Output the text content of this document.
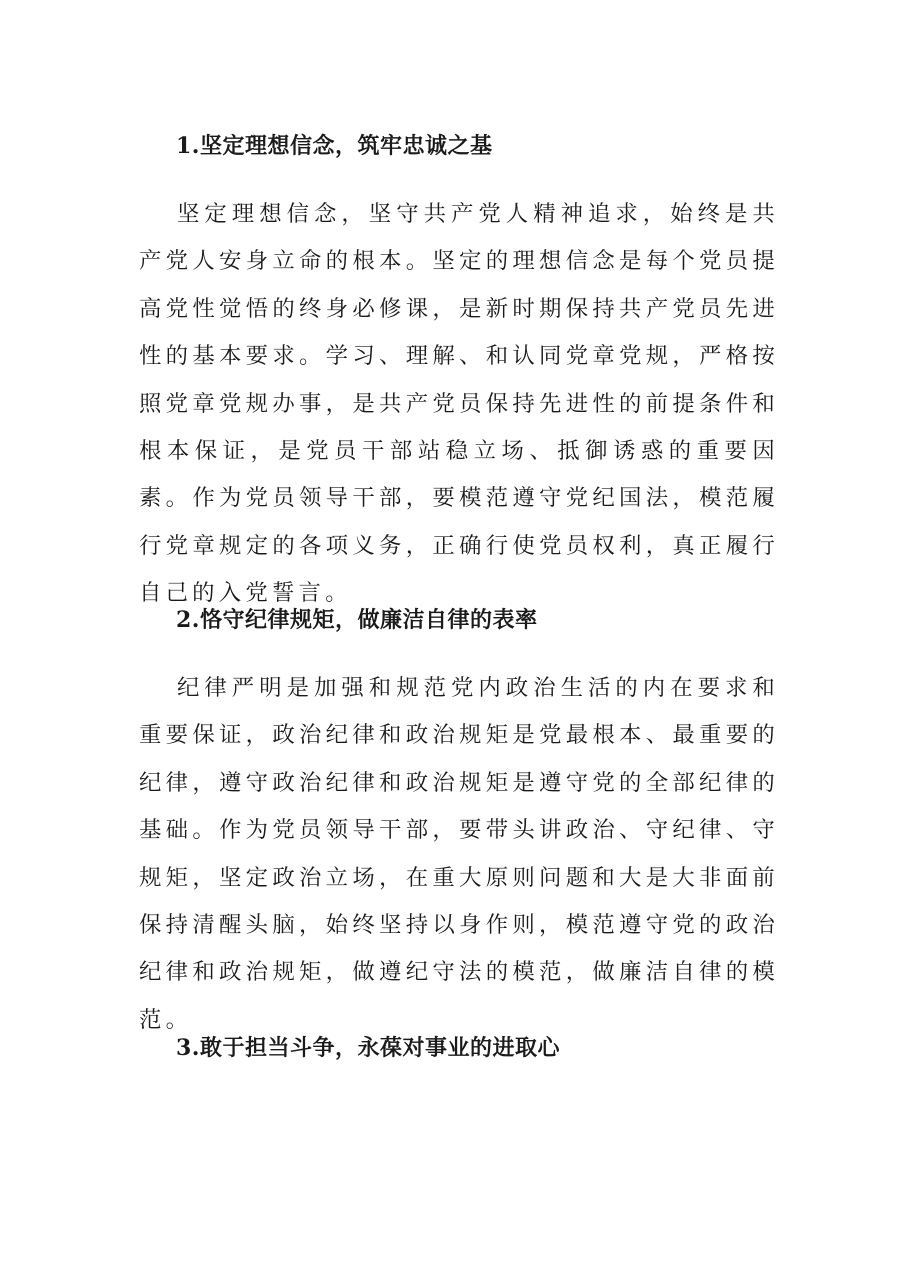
1.坚定理想信念，筑牢忠诚之基

坚定理想信念，坚守共产党人精神追求，始终是共产党人安身立命的根本。坚定的理想信念是每个党员提高党性觉悟的终身必修课，是新时期保持共产党员先进性的基本要求。学习、理解、和认同党章党规，严格按照党章党规办事，是共产党员保持先进性的前提条件和根本保证，是党员干部站稳立场、抵御诱惑的重要因素。作为党员领导干部，要模范遵守党纪国法，模范履行党章规定的各项义务，正确行使党员权利，真正履行自己的入党誓言。

2.恪守纪律规矩，做廉洁自律的表率

纪律严明是加强和规范党内政治生活的内在要求和重要保证，政治纪律和政治规矩是党最根本、最重要的纪律，遵守政治纪律和政治规矩是遵守党的全部纪律的基础。作为党员领导干部，要带头讲政治、守纪律、守规矩，坚定政治立场，在重大原则问题和大是大非面前保持清醒头脑，始终坚持以身作则，模范遵守党的政治纪律和政治规矩，做遵纪守法的模范，做廉洁自律的模范。

3.敢于担当斗争，永葆对事业的进取心
